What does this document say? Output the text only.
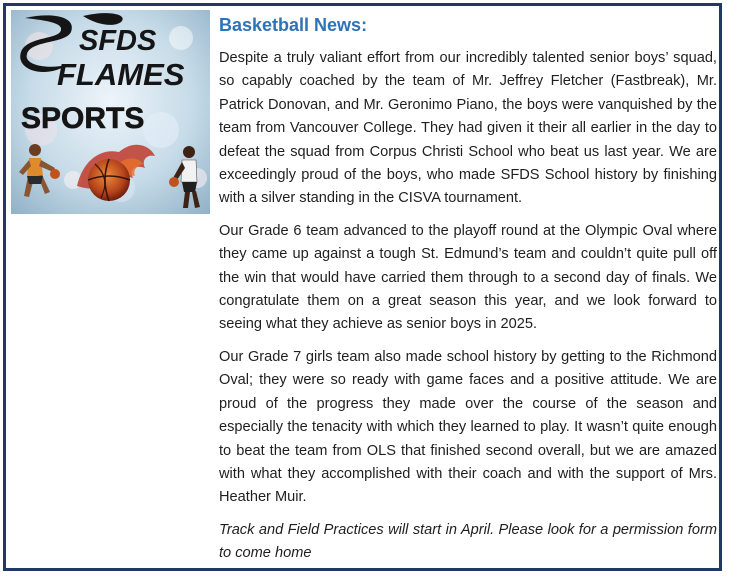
SFDS
FLAMES
SPORTS
Basketball News:

Despite a truly valiant effort from our incredibly talented senior boys’ squad, so capably coached by the team of Mr. Jeffrey Fletcher (Fastbreak), Mr. Patrick Donovan, and Mr. Geronimo Piano, the boys were vanquished by the team from Vancouver College. They had given it their all earlier in the day to defeat the squad from Corpus Christi School who beat us last year. We are exceedingly proud of the boys, who made SFDS School history by finishing with a silver standing in the CISVA tournament.

Our Grade 6 team advanced to the playoff round at the Olympic Oval where they came up against a tough St. Edmund’s team and couldn’t quite pull off the win that would have carried them through to a second day of finals. We congratulate them on a great season this year, and we look forward to seeing what they achieve as senior boys in 2025.

Our Grade 7 girls team also made school history by getting to the Richmond Oval; they were so ready with game faces and a positive attitude. We are proud of the progress they made over the course of the season and especially the tenacity with which they learned to play. It wasn’t quite enough to beat the team from OLS that finished second overall, but we are amazed with what they accomplished with their coach and with the support of Mrs. Heather Muir.

Track and Field Practices will start in April. Please look for a permission form to come home
